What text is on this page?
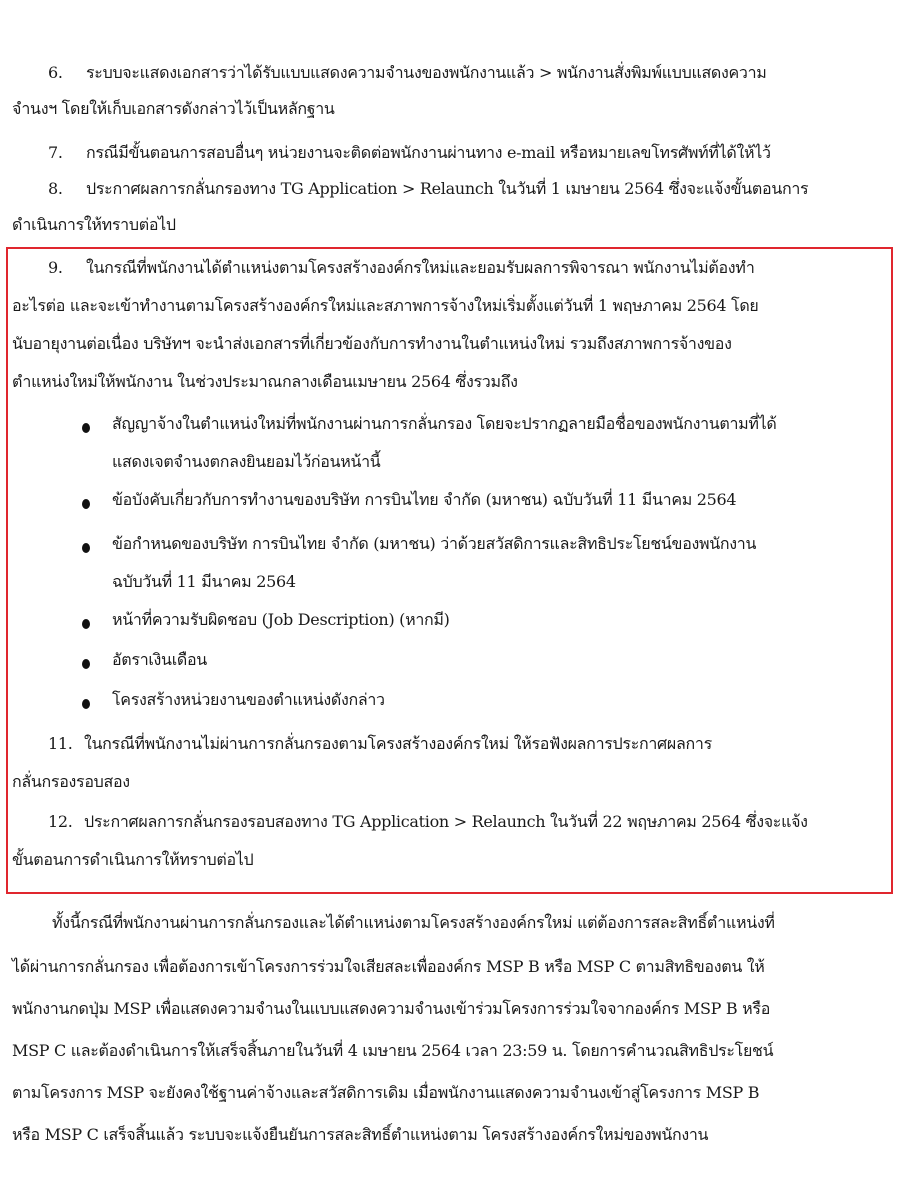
6. ระบบจะแสดงเอกสารว่าได้รับแบบแสดงความจำนงของพนักงานแล้ว > พนักงานสั่งพิมพ์แบบแสดงความ
จำนงฯ โดยให้เก็บเอกสารดังกล่าวไว้เป็นหลักฐาน
7. กรณีมีขั้นตอนการสอบอื่นๆ หน่วยงานจะติดต่อพนักงานผ่านทาง e-mail หรือหมายเลขโทรศัพท์ที่ได้ให้ไว้
8. ประกาศผลการกลั่นกรองทาง TG Application > Relaunch ในวันที่ 1 เมษายน 2564 ซึ่งจะแจ้งขั้นตอนการ
ดำเนินการให้ทราบต่อไป
9. ในกรณีที่พนักงานได้ตำแหน่งตามโครงสร้างองค์กรใหม่และยอมรับผลการพิจารณา พนักงานไม่ต้องทำ
อะไรต่อ และจะเข้าทำงานตามโครงสร้างองค์กรใหม่และสภาพการจ้างใหม่เริ่มตั้งแต่วันที่ 1 พฤษภาคม 2564 โดย
นับอายุงานต่อเนื่อง บริษัทฯ จะนำส่งเอกสารที่เกี่ยวข้องกับการทำงานในตำแหน่งใหม่ รวมถึงสภาพการจ้างของ
ตำแหน่งใหม่ให้พนักงาน ในช่วงประมาณกลางเดือนเมษายน 2564 ซึ่งรวมถึง
สัญญาจ้างในตำแหน่งใหม่ที่พนักงานผ่านการกลั่นกรอง โดยจะปรากฏลายมือชื่อของพนักงานตามที่ได้
แสดงเจตจำนงตกลงยินยอมไว้ก่อนหน้านี้
ข้อบังคับเกี่ยวกับการทำงานของบริษัท การบินไทย จำกัด (มหาชน) ฉบับวันที่ 11 มีนาคม 2564
ข้อกำหนดของบริษัท การบินไทย จำกัด (มหาชน) ว่าด้วยสวัสดิการและสิทธิประโยชน์ของพนักงาน
ฉบับวันที่ 11 มีนาคม 2564
หน้าที่ความรับผิดชอบ (Job Description) (หากมี)
อัตราเงินเดือน
โครงสร้างหน่วยงานของตำแหน่งดังกล่าว
11. ในกรณีที่พนักงานไม่ผ่านการกลั่นกรองตามโครงสร้างองค์กรใหม่ ให้รอฟังผลการประกาศผลการ
กลั่นกรองรอบสอง
12. ประกาศผลการกลั่นกรองรอบสองทาง TG Application > Relaunch ในวันที่ 22 พฤษภาคม 2564 ซึ่งจะแจ้ง
ขั้นตอนการดำเนินการให้ทราบต่อไป
ทั้งนี้กรณีที่พนักงานผ่านการกลั่นกรองและได้ตำแหน่งตามโครงสร้างองค์กรใหม่ แต่ต้องการสละสิทธิ์ตำแหน่งที่
ได้ผ่านการกลั่นกรอง เพื่อต้องการเข้าโครงการร่วมใจเสียสละเพื่อองค์กร MSP B หรือ MSP C ตามสิทธิของตน ให้
พนักงานกดปุ่ม MSP เพื่อแสดงความจำนงในแบบแสดงความจำนงเข้าร่วมโครงการร่วมใจจากองค์กร MSP B หรือ
MSP C และต้องดำเนินการให้เสร็จสิ้นภายในวันที่ 4 เมษายน 2564 เวลา 23:59 น. โดยการคำนวณสิทธิประโยชน์
ตามโครงการ MSP จะยังคงใช้ฐานค่าจ้างและสวัสดิการเดิม เมื่อพนักงานแสดงความจำนงเข้าสู่โครงการ MSP B
หรือ MSP C เสร็จสิ้นแล้ว ระบบจะแจ้งยืนยันการสละสิทธิ์ตำแหน่งตาม โครงสร้างองค์กรใหม่ของพนักงาน
